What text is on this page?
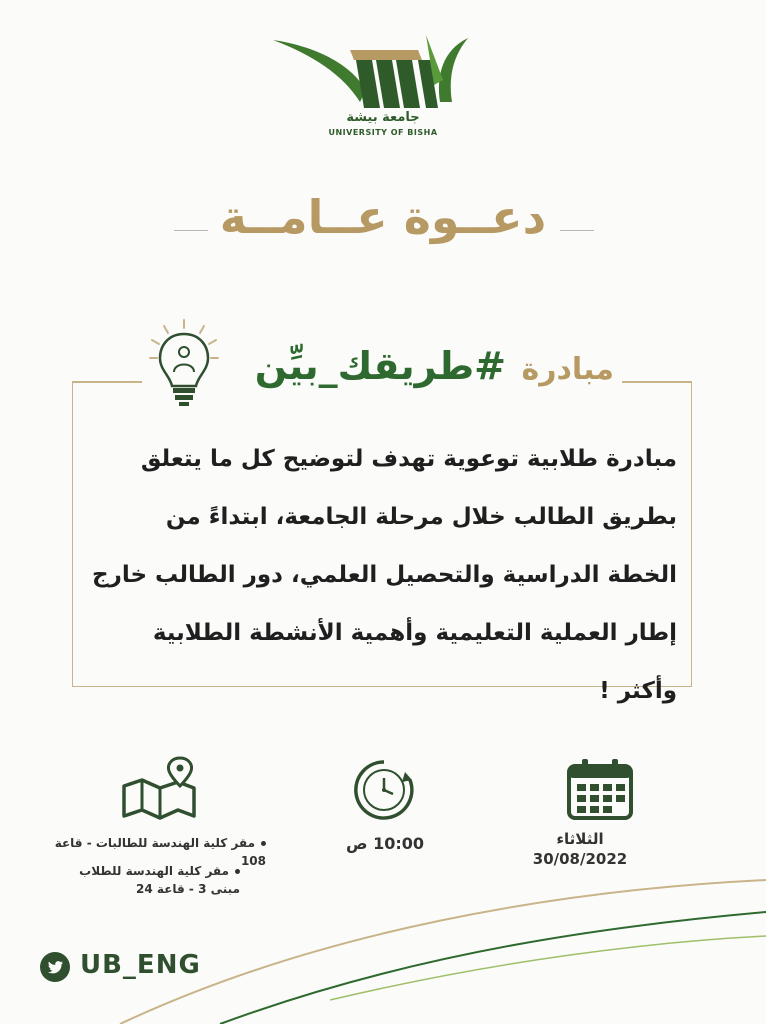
جامعة بيشة
UNIVERSITY OF BISHA
دعــوة عــامــة
مبادرة #طريقك_بيِّن
مبادرة طلابية توعوية تهدف لتوضيح كل ما يتعلق بطريق الطالب خلال مرحلة الجامعة، ابتداءً من الخطة الدراسية والتحصيل العلمي، دور الطالب خارج إطار العملية التعليمية وأهمية الأنشطة الطلابية وأكثر !
الثلاثاء
30/08/2022
10:00 ص
مقر كلية الهندسة للطالبات - قاعة 108
مقر كلية الهندسة للطلاب
مبنى 3 - قاعة 24
UB_ENG
